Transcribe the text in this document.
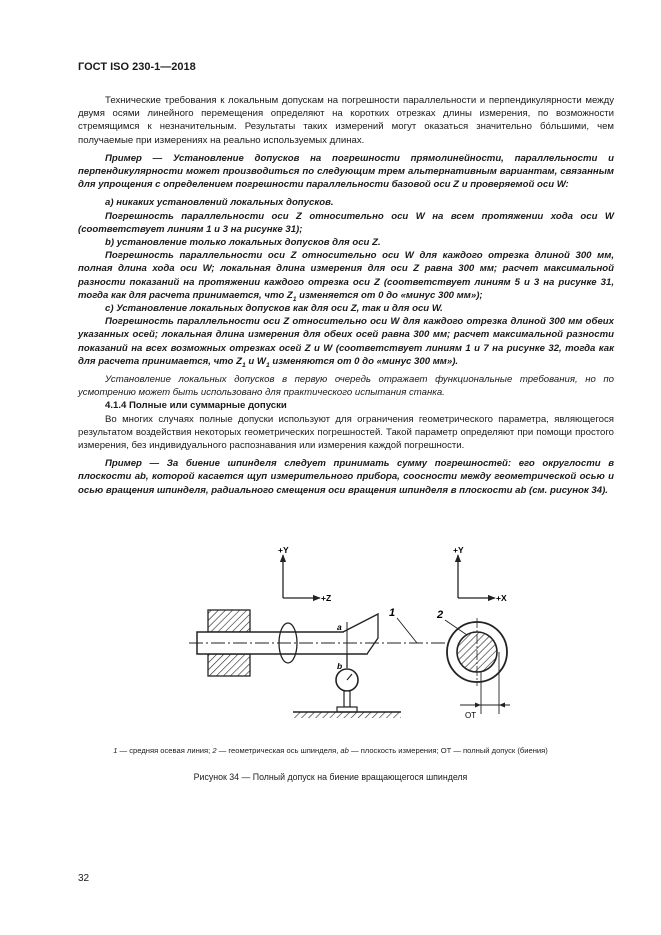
ГОСТ ISO 230-1—2018

Технические требования к локальным допускам на погрешности параллельности и перпендикулярности между двумя осями линейного перемещения определяют на коротких отрезках длины измерения, по возможности стремящимся к незначительным. Результаты таких измерений могут оказаться значительно бо́льшими, чем получаемые при измерениях на реально используемых длинах.

Пример — Установление допусков на погрешности прямолинейности, параллельности и перпендикулярности может производиться по следующим трем альтернативным вариантам, связанным для упрощения с определением погрешности параллельности базовой оси Z и проверяемой оси W:

a) никаких установлений локальных допусков.

Погрешность параллельности оси Z относительно оси W на всем протяжении хода оси W (соответствует линиям 1 и 3 на рисунке 31);

b) установление только локальных допусков для оси Z.

Погрешность параллельности оси Z относительно оси W для каждого отрезка длиной 300 мм, полная длина хода оси W; локальная длина измерения для оси Z равна 300 мм; расчет максимальной разности показаний на протяжении каждого отрезка оси Z (соответствует линиям 5 и 3 на рисунке 31, тогда как для расчета принимается, что $Z_1$ изменяется от 0 до «минус 300 мм»);

c) Установление локальных допусков как для оси Z, так и для оси W.

Погрешность параллельности оси Z относительно оси W для каждого отрезка длиной 300 мм обеих указанных осей; локальная длина измерения для обеих осей равна 300 мм; расчет максимальной разности показаний на всех возможных отрезках осей Z и W (соответствует линиям 1 и 7 на рисунке 32, тогда как для расчета принимается, что $Z_1$ и $W_1$ изменяются от 0 до «минус 300 мм»).

Установление локальных допусков в первую очередь отражает функциональные требования, но по усмотрению может быть использовано для практического испытания станка.

4.1.4 Полные или суммарные допуски

Во многих случаях полные допуски используют для ограничения геометрического параметра, являющегося результатом воздействия некоторых геометрических погрешностей. Такой параметр определяют при помощи простого измерения, без индивидуального распознавания или измерения каждой погрешности.

Пример — За биение шпинделя следует принимать сумму погрешностей: его округлости в плоскости ab, которой касается щуп измерительного прибора, соосности между геометрической осью и осью вращения шпинделя, радиального смещения оси вращения шпинделя в плоскости ab (см. рисунок 34).

+Y
+Z
+Y
+X
a
b
1	2
OT
1 — средняя осевая линия; 2 — геометрическая ось шпинделя, ab — плоскость измерения; ОТ — полный допуск (биения)
Рисунок 34 — Полный допуск на биение вращающегося шпинделя
32
